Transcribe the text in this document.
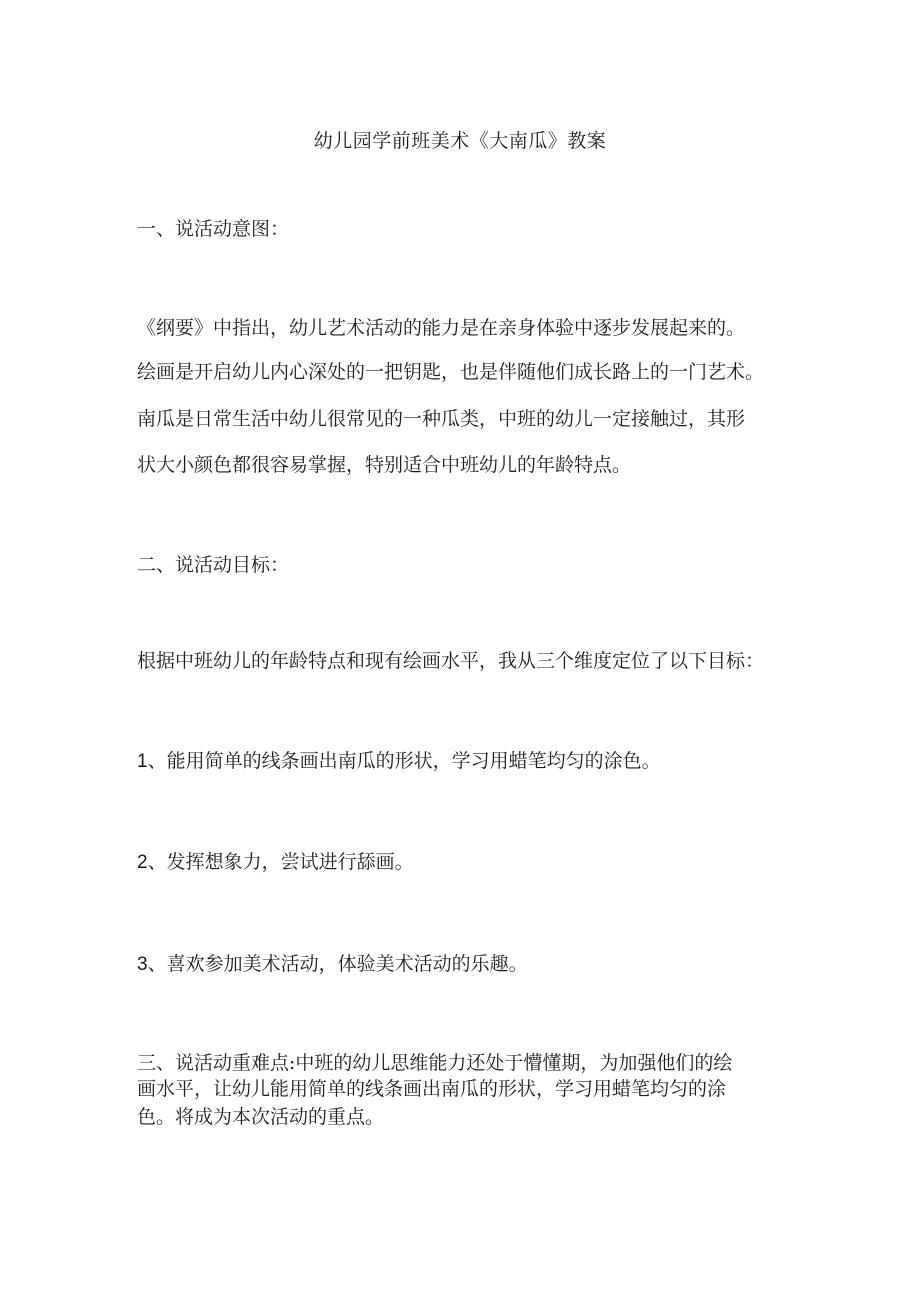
幼儿园学前班美术《大南瓜》教案
一、说活动意图：
《纲要》中指出，幼儿艺术活动的能力是在亲身体验中逐步发展起来的。
绘画是开启幼儿内心深处的一把钥匙，也是伴随他们成长路上的一门艺术。
南瓜是日常生活中幼儿很常见的一种瓜类，中班的幼儿一定接触过，其形
状大小颜色都很容易掌握，特别适合中班幼儿的年龄特点。
二、说活动目标：
根据中班幼儿的年龄特点和现有绘画水平，我从三个维度定位了以下目标：
1、能用简单的线条画出南瓜的形状，学习用蜡笔均匀的涂色。
2、发挥想象力，尝试进行舔画。
3、喜欢参加美术活动，体验美术活动的乐趣。
三、说活动重难点:中班的幼儿思维能力还处于懵懂期，为加强他们的绘
画水平，让幼儿能用简单的线条画出南瓜的形状，学习用蜡笔均匀的涂
色。将成为本次活动的重点。
